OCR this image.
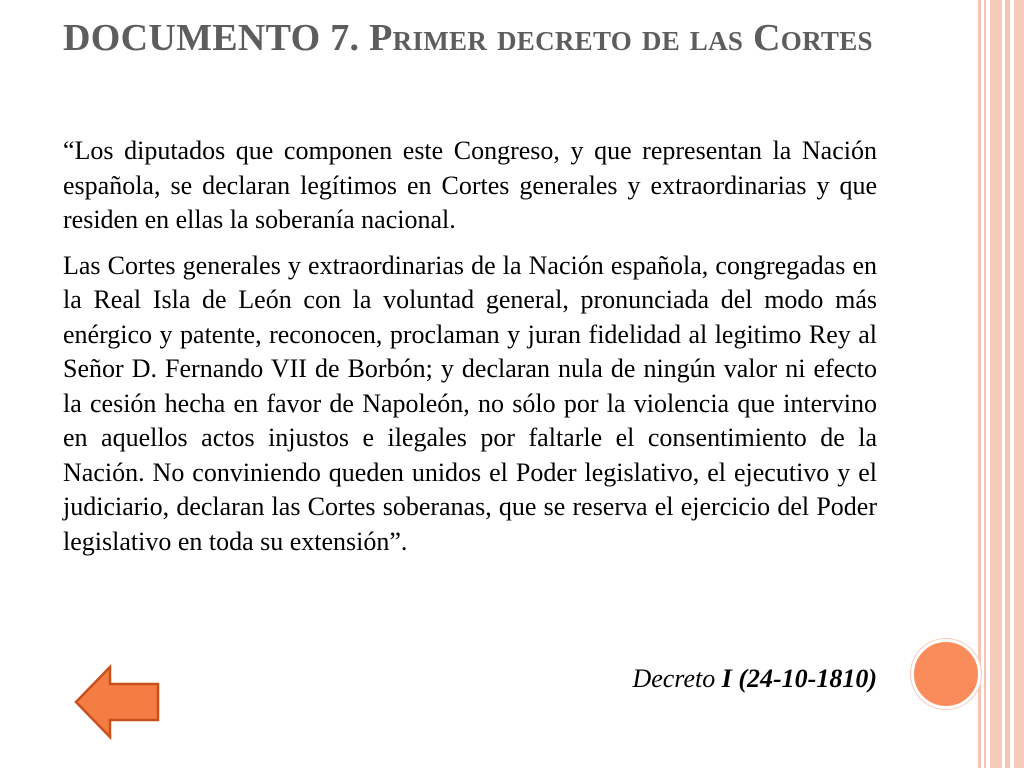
DOCUMENTO 7. Primer decreto de las Cortes

“Los diputados que componen este Congreso, y que representan la Nación española, se declaran legítimos en Cortes generales y extraordinarias y que residen en ellas la soberanía nacional.

Las Cortes generales y extraordinarias de la Nación española, congregadas en la Real Isla de León con la voluntad general, pronunciada del modo más enérgico y patente, reconocen, proclaman y juran fidelidad al legitimo Rey al Señor D. Fernando VII de Borbón; y declaran nula de ningún valor ni efecto la cesión hecha en favor de Napoleón, no sólo por la violencia que intervino en aquellos actos injustos e ilegales por faltarle el consentimiento de la Nación. No conviniendo queden unidos el Poder legislativo, el ejecutivo y el judiciario, declaran las Cortes soberanas, que se reserva el ejercicio del Poder legislativo en toda su extensión”.

Decreto I (24-10-1810)
